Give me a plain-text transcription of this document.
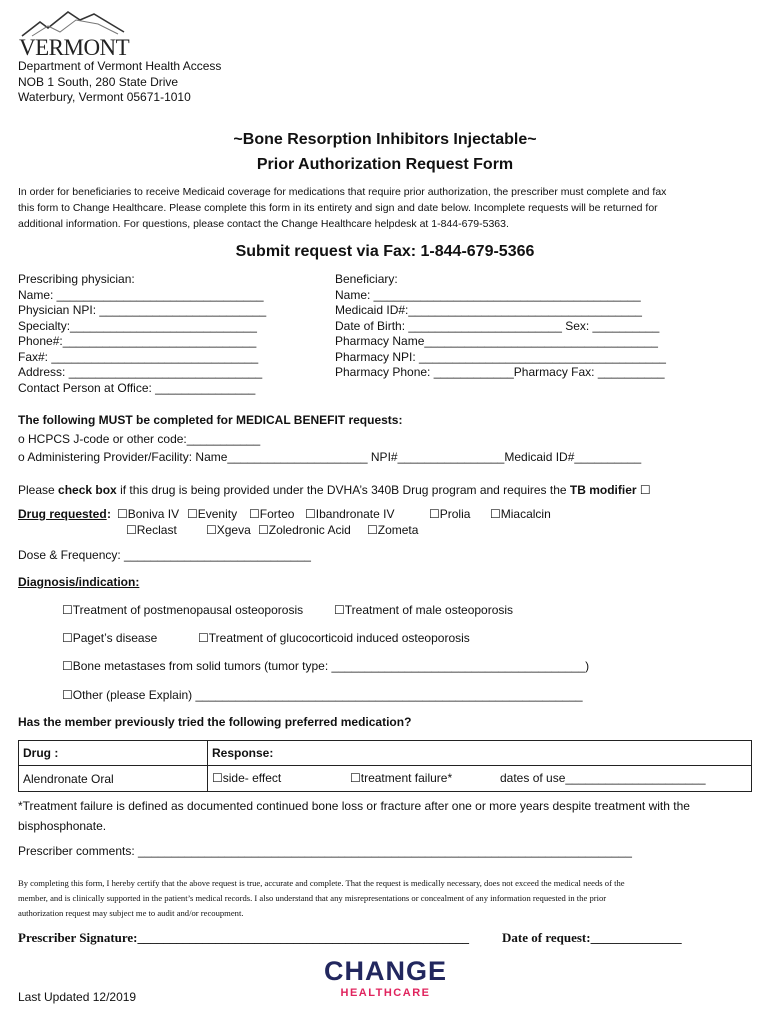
VERMONT
Department of Vermont Health Access
NOB 1 South, 280 State Drive
Waterbury, Vermont 05671-1010
~Bone Resorption Inhibitors Injectable~
Prior Authorization Request Form
In order for beneficiaries to receive Medicaid coverage for medications that require prior authorization, the prescriber must complete and fax
this form to Change Healthcare. Please complete this form in its entirety and sign and date below. Incomplete requests will be returned for
additional information. For questions, please contact the Change Healthcare helpdesk at 1-844-679-5363.
Submit request via Fax: 1-844-679-5366
Prescribing physician:
Name: _______________________________
Physician NPI: _________________________
Specialty:____________________________
Phone#:_____________________________
Fax#: _______________________________
Address: _____________________________
Contact Person at Office: _______________
Beneficiary:
Name: ________________________________________
Medicaid ID#:___________________________________
Date of Birth: _______________________ Sex: __________
Pharmacy Name___________________________________
Pharmacy NPI: _____________________________________
Pharmacy Phone: ____________Pharmacy Fax: __________
The following MUST be completed for MEDICAL BENEFIT requests:
o HCPCS J-code or other code:___________
o Administering Provider/Facility: Name_____________________ NPI#________________Medicaid ID#__________
Please check box if this drug is being provided under the DVHA’s 340B Drug program and requires the TB modifier ☐
Drug requested : ☐Boniva IV ☐Evenity ☐Forteo ☐Ibandronate IV	☐Prolia ☐Miacalcin
☐Reclast ☐Xgeva ☐Zoledronic Acid ☐Zometa
Dose & Frequency: ____________________________
Diagnosis/indication:
☐Treatment of postmenopausal osteoporosis	☐Treatment of male osteoporosis
☐Paget’s disease	☐Treatment of glucocorticoid induced osteoporosis
☐Bone metastases from solid tumors (tumor type: ______________________________________)
☐Other (please Explain) __________________________________________________________
Has the member previously tried the following preferred medication?
Drug :	Response:
Alendronate Oral	☐side- effect ☐treatment failure* dates of use_____________________
*Treatment failure is defined as documented continued bone loss or fracture after one or more years despite treatment with the
bisphosphonate.
Prescriber comments: __________________________________________________________________________
By completing this form, I hereby certify that the above request is true, accurate and complete. That the request is medically necessary, does not exceed the medical needs of the
member, and is clinically supported in the patient’s medical records. I also understand that any misrepresentations or concealment of any information requested in the prior
authorization request may subject me to audit and/or recoupment.
Prescriber Signature:___________________________________________________	Date of request:______________
Last Updated 12/2019
CHANGE
HEALTHCARE
